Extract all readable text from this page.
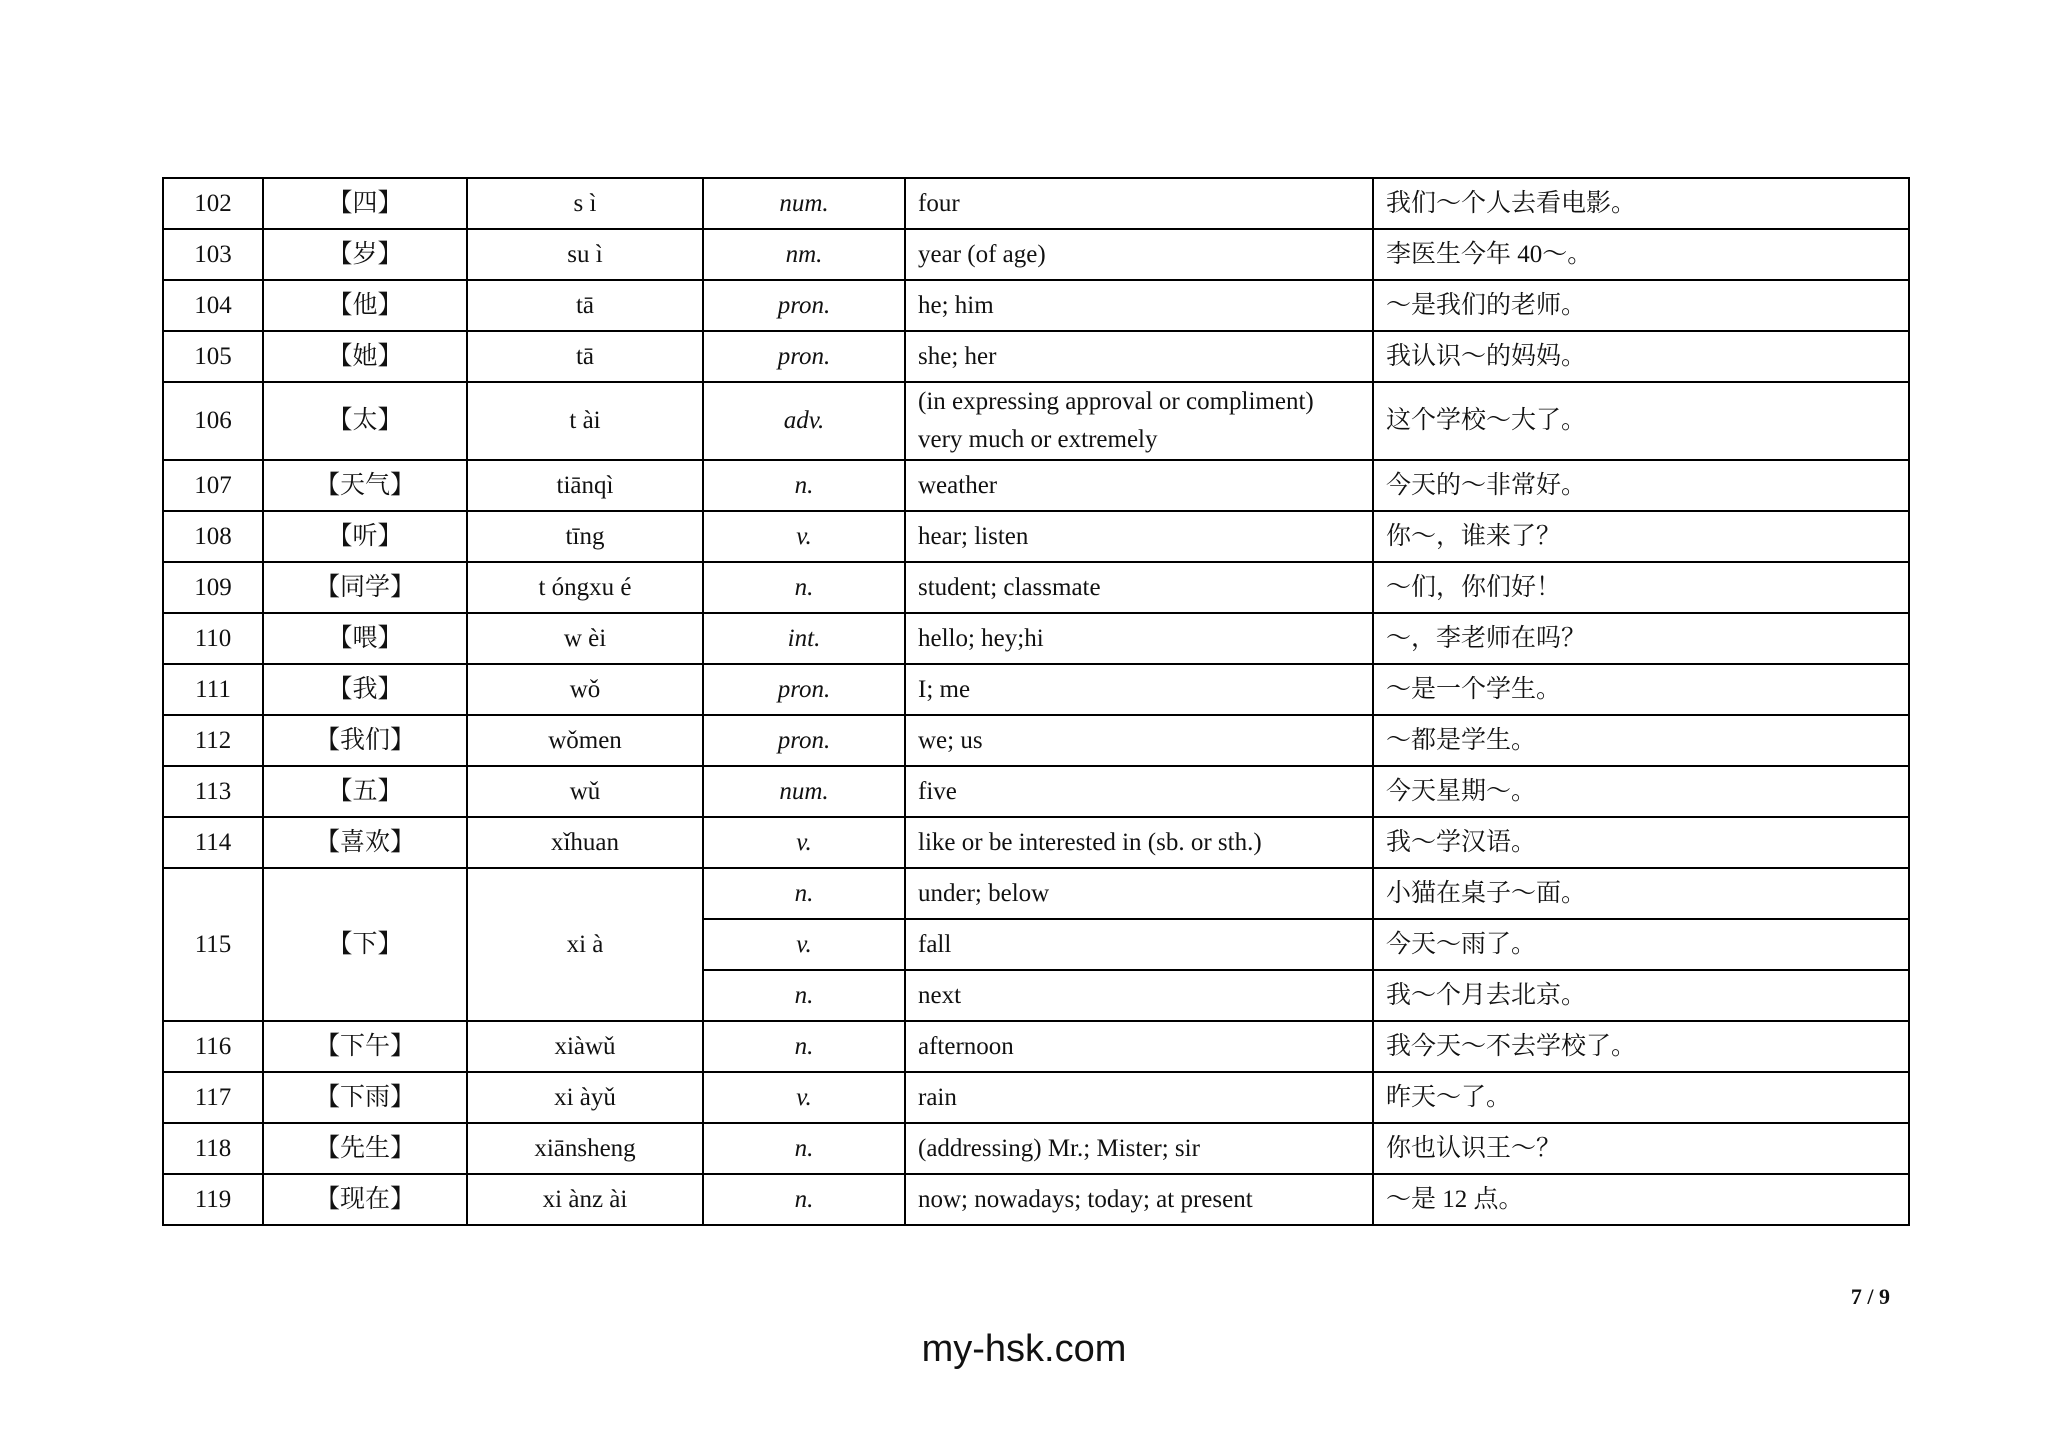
102	【四】	s ì	num.	four	我们～个人去看电影。
103	【岁】	su ì	nm.	year (of age)	李医生今年 40～。
104	【他】	tā	pron.	he; him	～是我们的老师。
105	【她】	tā	pron.	she; her	我认识～的妈妈。
106	【太】	t ài	adv.	(in expressing approval or compliment) very much or extremely	这个学校～大了。
107	【天气】	tiānqì	n.	weather	今天的～非常好。
108	【听】	tīng	v.	hear; listen	你～，谁来了？
109	【同学】	t óngxu é	n.	student; classmate	～们，你们好！
110	【喂】	w èi	int.	hello; hey;hi	～，李老师在吗？
111	【我】	wǒ	pron.	I; me	～是一个学生。
112	【我们】	wǒmen	pron.	we; us	～都是学生。
113	【五】	wǔ	num.	five	今天星期～。
114	【喜欢】	xǐhuan	v.	like or be interested in (sb. or sth.)	我～学汉语。
115	【下】	xi à	n.	under; below	小猫在桌子～面。
			v.	fall	今天～雨了。
			n.	next	我～个月去北京。
116	【下午】	xiàwǔ	n.	afternoon	我今天～不去学校了。
117	【下雨】	xi àyǔ	v.	rain	昨天～了。
118	【先生】	xiānsheng	n.	(addressing) Mr.; Mister; sir	你也认识王～？
119	【现在】	xi ànz ài	n.	now; nowadays; today; at present	～是 12 点。
7 / 9
my-hsk.com
